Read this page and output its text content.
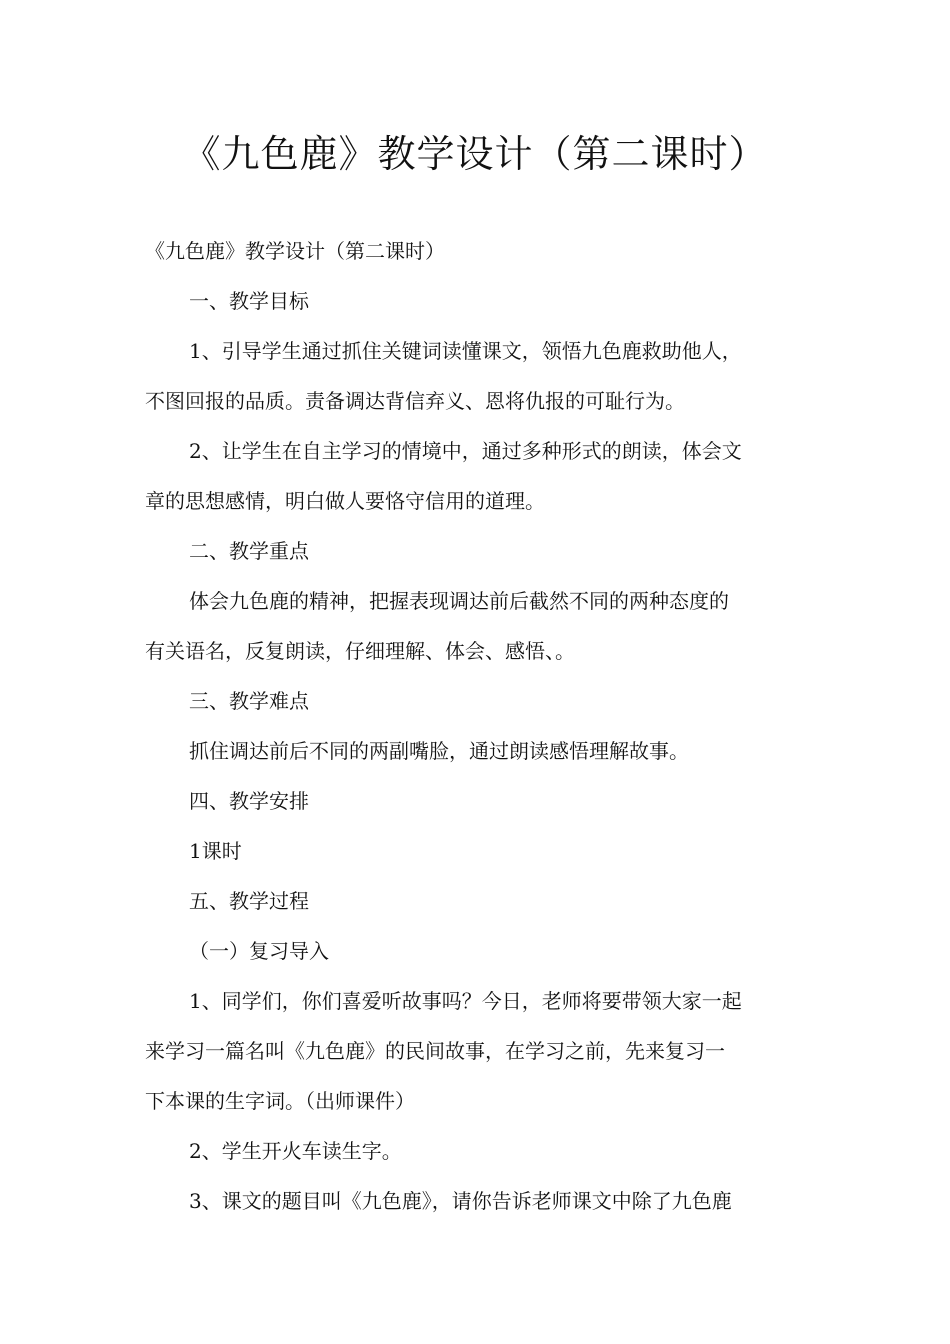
《九色鹿》教学设计（第二课时）

《九色鹿》教学设计（第二课时）

一、教学目标

1、引导学生通过抓住关键词读懂课文，领悟九色鹿救助他人，

不图回报的品质。责备调达背信弃义、恩将仇报的可耻行为。

2、让学生在自主学习的情境中，通过多种形式的朗读，体会文

章的思想感情，明白做人要恪守信用的道理。

二、教学重点

体会九色鹿的精神，把握表现调达前后截然不同的两种态度的

有关语名，反复朗读，仔细理解、体会、感悟、。

三、教学难点

抓住调达前后不同的两副嘴脸，通过朗读感悟理解故事。

四、教学安排

1课时

五、教学过程

（一）复习导入

1、同学们，你们喜爱听故事吗？今日，老师将要带领大家一起

来学习一篇名叫《九色鹿》的民间故事，在学习之前，先来复习一

下本课的生字词。（出师课件）

2、学生开火车读生字。

3、课文的题目叫《九色鹿》，请你告诉老师课文中除了九色鹿
